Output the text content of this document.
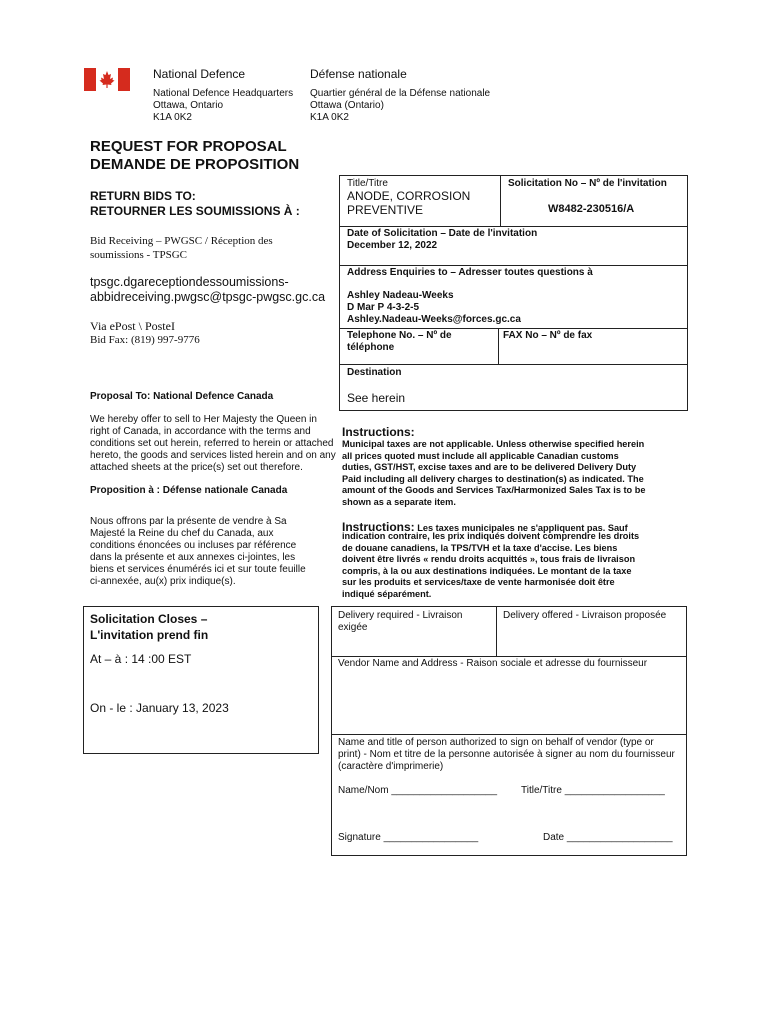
National Defence	Défense nationale
National Defence Headquarters
Ottawa, Ontario
K1A 0K2
Quartier général de la Défense nationale
Ottawa (Ontario)
K1A 0K2
REQUEST FOR PROPOSAL
DEMANDE DE PROPOSITION
RETURN BIDS TO:
RETOURNER LES SOUMISSIONS À :
Bid Receiving – PWGSC / Réception des
soumissions - TPSGC
tpsgc.dgareceptiondessoumissions-
abbidreceiving.pwgsc@tpsgc-pwgsc.gc.ca
Via ePost \ PosteI
Bid Fax: (819) 997-9776
Proposal To: National Defence Canada
We hereby offer to sell to Her Majesty the Queen in
right of Canada, in accordance with the terms and
conditions set out herein, referred to herein or attached
hereto, the goods and services listed herein and on any
attached sheets at the price(s) set out therefore.
Proposition à : Défense nationale Canada
Nous offrons par la présente de vendre à Sa
Majesté la Reine du chef du Canada, aux
conditions énoncées ou incluses par référence
dans la présente et aux annexes ci-jointes, les
biens et services énumérés ici et sur toute feuille
ci-annexée, au(x) prix indique(s).
Solicitation Closes –
L'invitation prend fin
At – à : 14 :00 EST
On - le : January 13, 2023
Title/Titre
ANODE, CORROSION
PREVENTIVE
Solicitation No – Nº de l'invitation
W8482-230516/A
Date of Solicitation – Date de l'invitation
December 12, 2022
Address Enquiries to – Adresser toutes questions à
Ashley Nadeau-Weeks
D Mar P 4-3-2-5
Ashley.Nadeau-Weeks@forces.gc.ca
Telephone No. – Nº de
téléphone
FAX No – Nº de fax
Destination
See herein
Instructions:
Municipal taxes are not applicable. Unless otherwise specified herein
all prices quoted must include all applicable Canadian customs
duties, GST/HST, excise taxes and are to be delivered Delivery Duty
Paid including all delivery charges to destination(s) as indicated. The
amount of the Goods and Services Tax/Harmonized Sales Tax is to be
shown as a separate item.
Instructions: Les taxes municipales ne s'appliquent pas. Sauf
indication contraire, les prix indiqués doivent comprendre les droits
de douane canadiens, la TPS/TVH et la taxe d'accise. Les biens
doivent être livrés « rendu droits acquittés », tous frais de livraison
compris, à la ou aux destinations indiquées. Le montant de la taxe
sur les produits et services/taxe de vente harmonisée doit être
indiqué séparément.
Delivery required - Livraison
exigée
Delivery offered - Livraison proposée
Vendor Name and Address - Raison sociale et adresse du fournisseur
Name and title of person authorized to sign on behalf of vendor (type or
print) - Nom et titre de la personne autorisée à signer au nom du fournisseur
(caractère d'imprimerie)
Name/Nom ___________________ Title/Titre __________________
Signature _________________	Date ___________________
